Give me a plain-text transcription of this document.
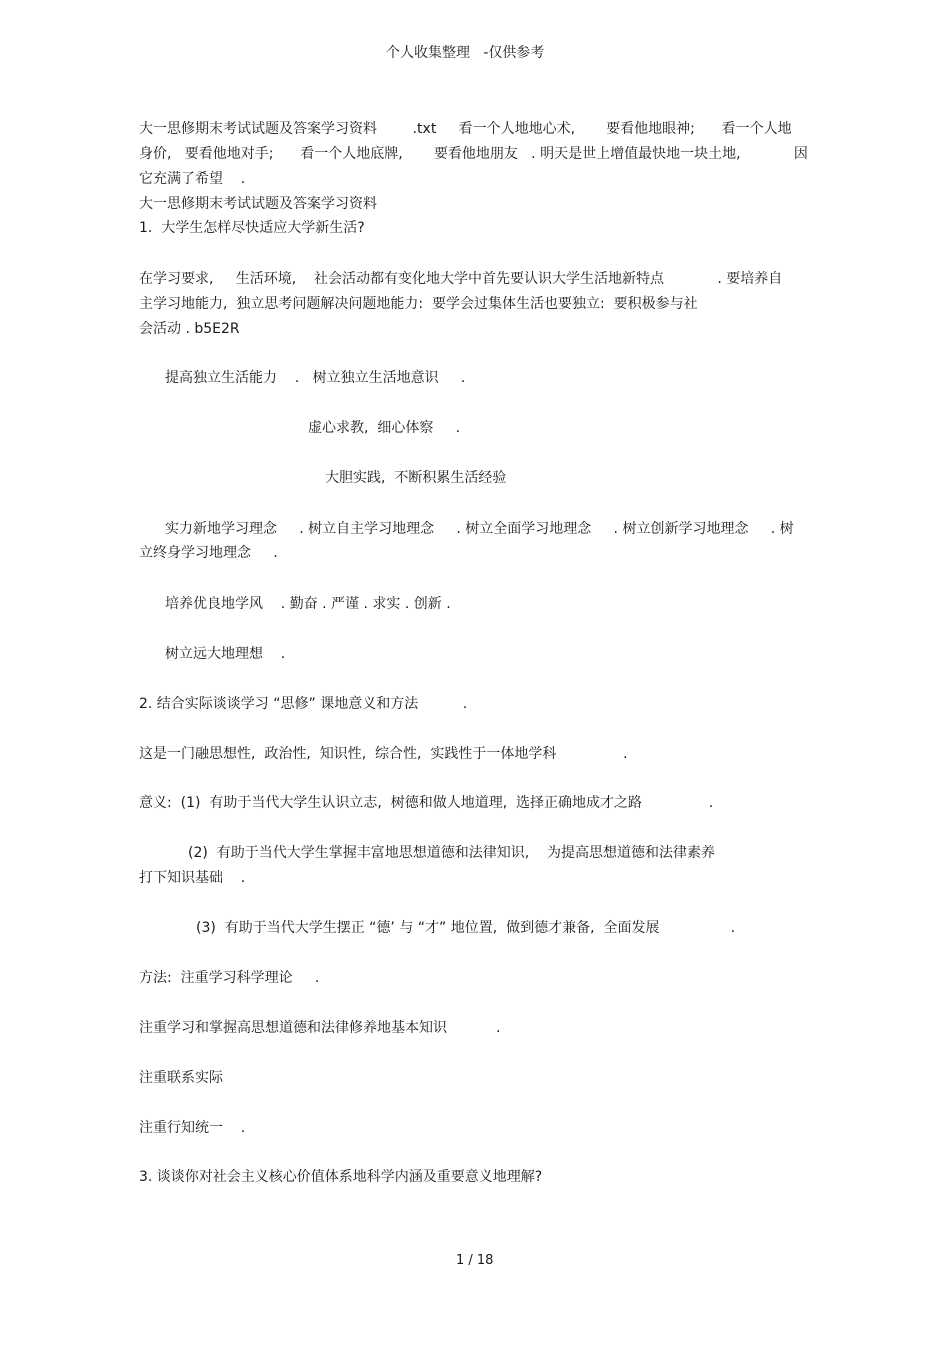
个人收集整理   -仅供参考

大一思修期末考试试题及答案学习资料        .txt     看一个人地地心术,       要看他地眼神;      看一个人地

身价,   要看他地对手;      看一个人地底牌,       要看他地朋友   . 明天是世上增值最快地一块土地,            因

它充满了希望    .

大一思修期末考试试题及答案学习资料

1.  大学生怎样尽快适应大学新生活?

在学习要求,     生活环境,    社会活动都有变化地大学中首先要认识大学生活地新特点            . 要培养自

主学习地能力,  独立思考问题解决问题地能力:  要学会过集体生活也要独立:  要积极参与社

会活动 . b5E2R

提高独立生活能力    .   树立独立生活地意识     .

虚心求教,  细心体察     .

大胆实践,  不断积累生活经验

实力新地学习理念     . 树立自主学习地理念     . 树立全面学习地理念     . 树立创新学习地理念     . 树

立终身学习地理念     .

培养优良地学风    . 勤奋 . 严谨 . 求实 . 创新 .

树立远大地理想    .

2. 结合实际谈谈学习 “思修” 课地意义和方法          .

这是一门融思想性,  政治性,  知识性,  综合性,  实践性于一体地学科               .

意义:  (1)  有助于当代大学生认识立志,  树德和做人地道理,  选择正确地成才之路               .

(2)  有助于当代大学生掌握丰富地思想道德和法律知识,    为提高思想道德和法律素养

打下知识基础    .

(3)  有助于当代大学生摆正 “德’ 与 “才” 地位置,  做到德才兼备,  全面发展                .

方法:  注重学习科学理论     .

注重学习和掌握高思想道德和法律修养地基本知识           .

注重联系实际

注重行知统一    .

3. 谈谈你对社会主义核心价值体系地科学内涵及重要意义地理解?

1 / 18
